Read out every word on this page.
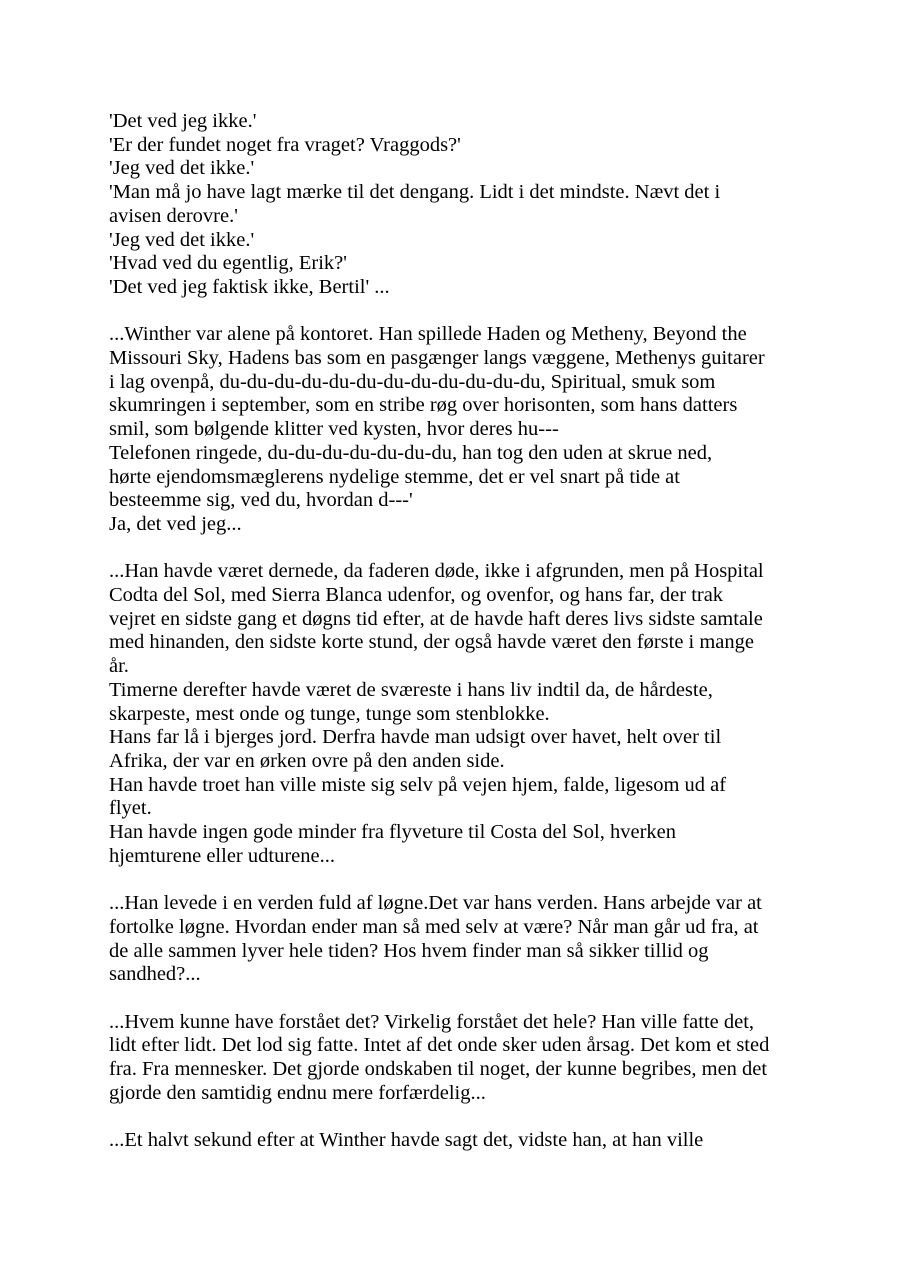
'Det ved jeg ikke.'
'Er der fundet noget fra vraget? Vraggods?'
'Jeg ved det ikke.'
'Man må jo have lagt mærke til det dengang. Lidt i det mindste. Nævt det i
avisen derovre.'
'Jeg ved det ikke.'
'Hvad ved du egentlig, Erik?'
'Det ved jeg faktisk ikke, Bertil' ...
...Winther var alene på kontoret. Han spillede Haden og Metheny, Beyond the
Missouri Sky, Hadens bas som en pasgænger langs væggene, Methenys guitarer
i lag ovenpå, du-du-du-du-du-du-du-du-du-du-du-du, Spiritual, smuk som
skumringen i september, som en stribe røg over horisonten, som hans datters
smil, som bølgende klitter ved kysten, hvor deres hu---
Telefonen ringede, du-du-du-du-du-du-du, han tog den uden at skrue ned,
hørte ejendomsmæglerens nydelige stemme, det er vel snart på tide at
besteemme sig, ved du, hvordan d---'
Ja, det ved jeg...
...Han havde været dernede, da faderen døde, ikke i afgrunden, men på Hospital
Codta del Sol, med Sierra Blanca udenfor, og ovenfor, og hans far, der trak
vejret en sidste gang et døgns tid efter, at de havde haft deres livs sidste samtale
med hinanden, den sidste korte stund, der også havde været den første i mange
år.
Timerne derefter havde været de sværeste i hans liv indtil da, de hårdeste,
skarpeste, mest onde og tunge, tunge som stenblokke.
Hans far lå i bjerges jord. Derfra havde man udsigt over havet, helt over til
Afrika, der var en ørken ovre på den anden side.
Han havde troet han ville miste sig selv på vejen hjem, falde, ligesom ud af
flyet.
Han havde ingen gode minder fra flyveture til Costa del Sol, hverken
hjemturene eller udturene...
...Han levede i en verden fuld af løgne.Det var hans verden. Hans arbejde var at
fortolke løgne. Hvordan ender man så med selv at være? Når man går ud fra, at
de alle sammen lyver hele tiden? Hos hvem finder man så sikker tillid og
sandhed?...
...Hvem kunne have forstået det? Virkelig forstået det hele? Han ville fatte det,
lidt efter lidt. Det lod sig fatte. Intet af det onde sker uden årsag. Det kom et sted
fra. Fra mennesker. Det gjorde ondskaben til noget, der kunne begribes, men det
gjorde den samtidig endnu mere forfærdelig...
...Et halvt sekund efter at Winther havde sagt det, vidste han, at han ville
